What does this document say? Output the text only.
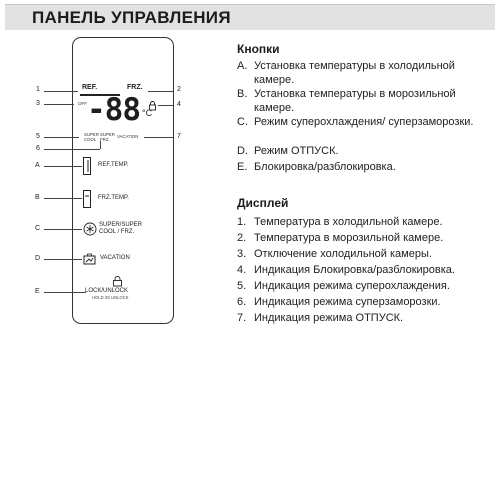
ПАНЕЛЬ УПРАВЛЕНИЯ
1
3
5
6
A
B
C
D
E
2
4
7
REF.	FRZ.
OFF -88 °C
SUPER
COOL
SUPER
FRZ.
VACATION
REF.TEMP.
FRZ.TEMP.
SUPER/SUPER
COOL / FRZ.
VACATION
LOCK/UNLOCK
HOLD 3S UNLOCK
Кнопки
A. Установка температуры в холодильной камере.
B. Установка температуры в морозильной камере.
C. Режим суперохлаждения/ суперзаморозки.
D. Режим ОТПУСК.
E. Блокировка/разблокировка.
Дисплей
1. Температура в холодильной камере.
2. Температура в морозильной камере.
3. Отключение холодильной камеры.
4. Индикация Блокировка/разблокировка.
5. Индикация режима суперохлаждения.
6. Индикация режима суперзаморозки.
7. Индикация режима ОТПУСК.
